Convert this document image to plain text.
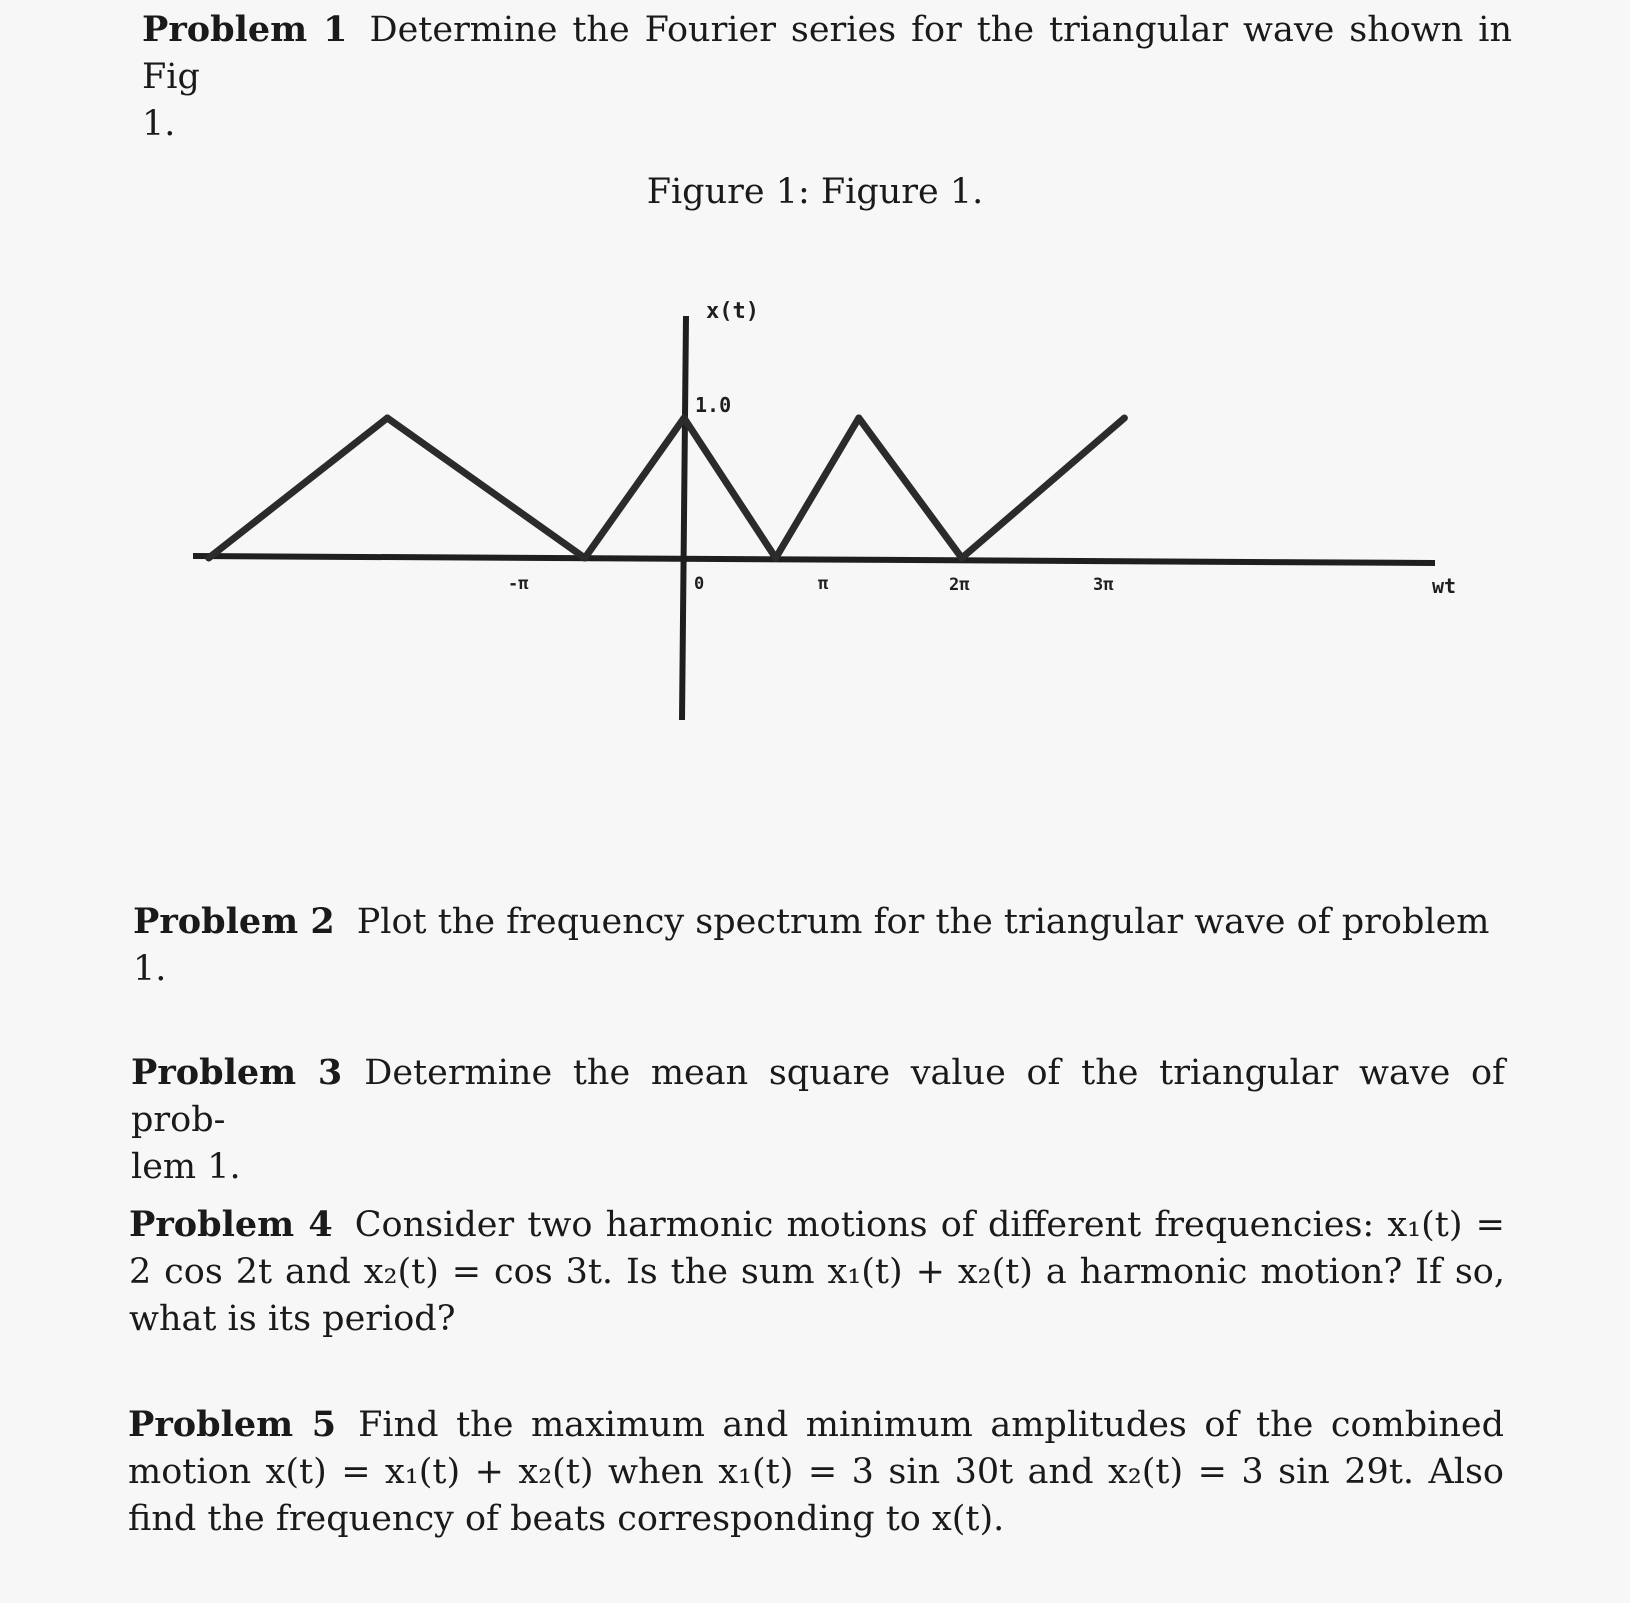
Problem 1 Determine the Fourier series for the triangular wave shown in Fig
1.

Figure 1: Figure 1.
x(t)
1.0
-π	0	π	2π	3π	wt

Problem 2 Plot the frequency spectrum for the triangular wave of problem
1.

Problem 3 Determine the mean square value of the triangular wave of prob-
lem 1.

Problem 4 Consider two harmonic motions of different frequencies: x₁(t) = 2 cos 2t and x₂(t) = cos 3t. Is the sum x₁(t) + x₂(t) a harmonic motion? If so, what is its period?

Problem 5 Find the maximum and minimum amplitudes of the combined motion x(t) = x₁(t) + x₂(t) when x₁(t) = 3 sin 30t and x₂(t) = 3 sin 29t. Also find the frequency of beats corresponding to x(t).
